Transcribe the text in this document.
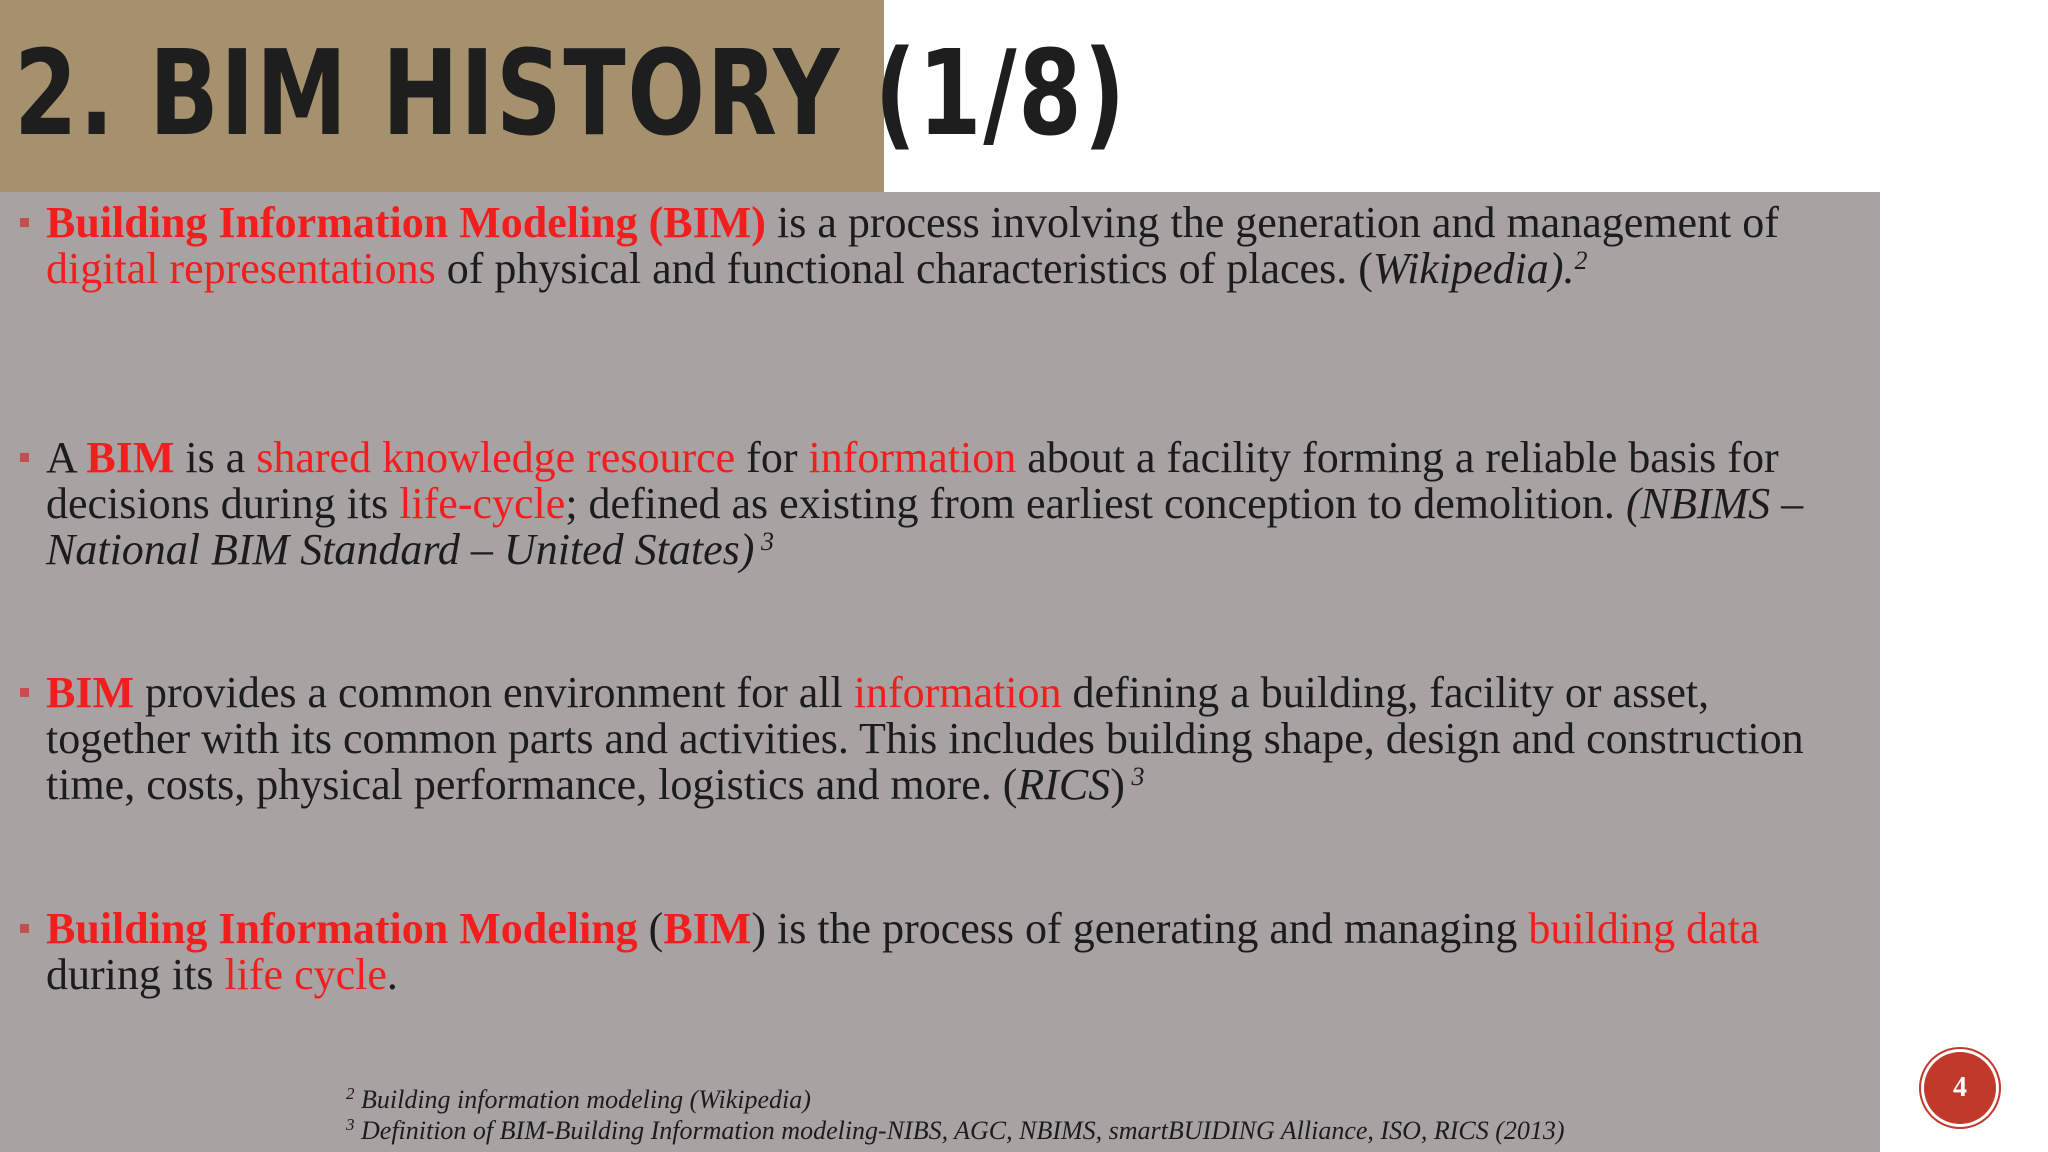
2. BIM HISTORY (1/8)
Building Information Modeling (BIM) is a process involving the generation and management of digital representations of physical and functional characteristics of places. (Wikipedia).$^2$
A BIM is a shared knowledge resource for information about a facility forming a reliable basis for decisions during its life-cycle; defined as existing from earliest conception to demolition. (NBIMS – National BIM Standard – United States) $^3$
BIM provides a common environment for all information defining a building, facility or asset, together with its common parts and activities. This includes building shape, design and construction time, costs, physical performance, logistics and more. (RICS) $^3$
Building Information Modeling (BIM) is the process of generating and managing building data during its life cycle.
$^2$ Building information modeling (Wikipedia)
$^3$ Definition of BIM-Building Information modeling-NIBS, AGC, NBIMS, smartBUIDING Alliance, ISO, RICS (2013)
4
